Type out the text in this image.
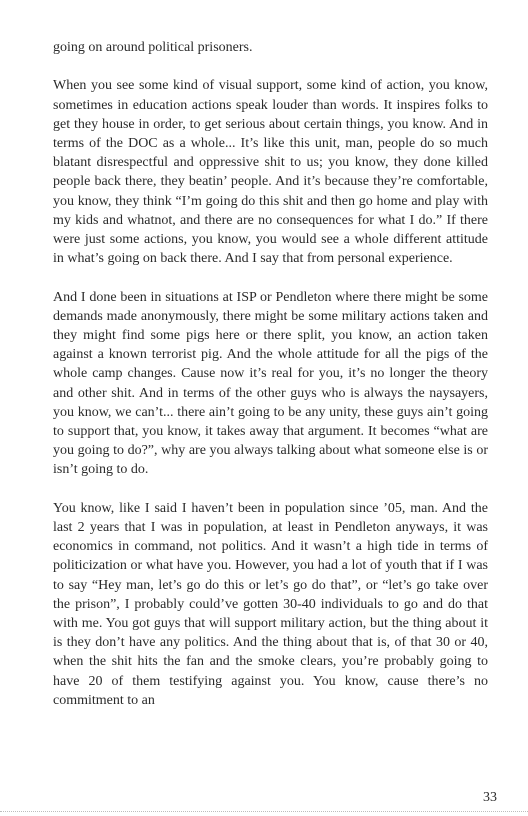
going on around political prisoners.

When you see some kind of visual support, some kind of action, you know, sometimes in education actions speak louder than words. It inspires folks to get they house in order, to get serious about certain things, you know. And in terms of the DOC as a whole... It’s like this unit, man, people do so much blatant disrespectful and oppressive shit to us; you know, they done killed people back there, they beatin’ people. And it’s because they’re comfortable, you know, they think “I’m going do this shit and then go home and play with my kids and whatnot, and there are no consequences for what I do.” If there were just some actions, you know, you would see a whole different attitude in what’s going on back there. And I say that from personal experience.

And I done been in situations at ISP or Pendleton where there might be some demands made anonymously, there might be some military actions taken and they might find some pigs here or there split, you know, an action taken against a known terrorist pig. And the whole attitude for all the pigs of the whole camp changes. Cause now it’s real for you, it’s no longer the theory and other shit. And in terms of the other guys who is always the naysayers, you know, we can’t... there ain’t going to be any unity, these guys ain’t going to support that, you know, it takes away that argument. It becomes “what are you going to do?”, why are you always talking about what someone else is or isn’t going to do.

You know, like I said I haven’t been in population since ’05, man. And the last 2 years that I was in population, at least in Pendleton anyways, it was economics in command, not politics. And it wasn’t a high tide in terms of politicization or what have you. However, you had a lot of youth that if I was to say “Hey man, let’s go do this or let’s go do that”, or “let’s go take over the prison”, I probably could’ve gotten 30-40 individuals to go and do that with me. You got guys that will support military action, but the thing about it is they don’t have any politics. And the thing about that is, of that 30 or 40, when the shit hits the fan and the smoke clears, you’re probably going to have 20 of them testifying against you. You know, cause there’s no commitment to an

33
